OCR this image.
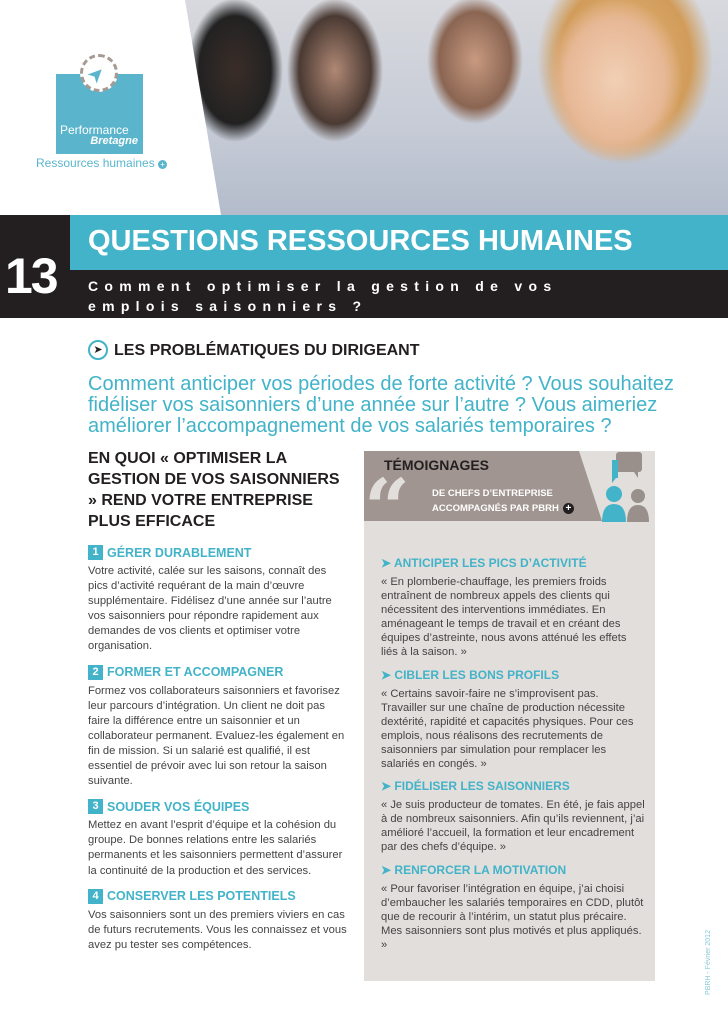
➤
Performance
Bretagne
Ressources humaines +
13
QUESTIONS RESSOURCES HUMAINES
Comment optimiser la gestion de vos emplois saisonniers ?
➤ LES PROBLÉMATIQUES DU DIRIGEANT
Comment anticiper vos périodes de forte activité ? Vous souhaitez fidéliser vos saisonniers d’une année sur l’autre ? Vous aimeriez améliorer l’accompagnement de vos salariés temporaires ?
EN QUOI « OPTIMISER LA GESTION DE VOS SAISONNIERS » REND VOTRE ENTREPRISE PLUS EFFICACE
1 GÉRER DURABLEMENT

Votre activité, calée sur les saisons, connaît des pics d’activité requérant de la main d’œuvre supplémentaire. Fidélisez d’une année sur l’autre vos saisonniers pour répondre rapidement aux demandes de vos clients et optimiser votre organisation.

2 FORMER ET ACCOMPAGNER

Formez vos collaborateurs saisonniers et favorisez leur parcours d’intégration. Un client ne doit pas faire la différence entre un saisonnier et un collaborateur permanent. Evaluez-les également en fin de mission. Si un salarié est qualifié, il est essentiel de prévoir avec lui son retour la saison suivante.

3 SOUDER VOS ÉQUIPES

Mettez en avant l’esprit d’équipe et la cohésion du groupe. De bonnes relations entre les salariés permanents et les saisonniers permettent d’assurer la continuité de la production et des services.

4 CONSERVER LES POTENTIELS

Vos saisonniers sont un des premiers viviers en cas de futurs recrutements. Vous les connaissez et vous avez pu tester ses compétences.

“
TÉMOIGNAGES
DE CHEFS D’ENTREPRISE
ACCOMPAGNÉS PAR PBRH +
➤ ANTICIPER LES PICS D’ACTIVITÉ

« En plomberie-chauffage, les premiers froids entraînent de nombreux appels des clients qui nécessitent des interventions immédiates. En aménageant le temps de travail et en créant des équipes d’astreinte, nous avons atténué les effets liés à la saison. »

➤ CIBLER LES BONS PROFILS

« Certains savoir-faire ne s’improvisent pas. Travailler sur une chaîne de production nécessite dextérité, rapidité et capacités physiques. Pour ces emplois, nous réalisons des recrutements de saisonniers par simulation pour remplacer les salariés en congés. »

➤ FIDÉLISER LES SAISONNIERS

« Je suis producteur de tomates. En été, je fais appel à de nombreux saisonniers. Afin qu’ils reviennent, j’ai amélioré l’accueil, la formation et leur encadrement par des chefs d’équipe. »

➤ RENFORCER LA MOTIVATION

« Pour favoriser l’intégration en équipe, j’ai choisi d’embaucher les salariés temporaires en CDD, plutôt que de recourir à l’intérim, un statut plus précaire. Mes saisonniers sont plus motivés et plus appliqués. »	PBRH - Février 2012
